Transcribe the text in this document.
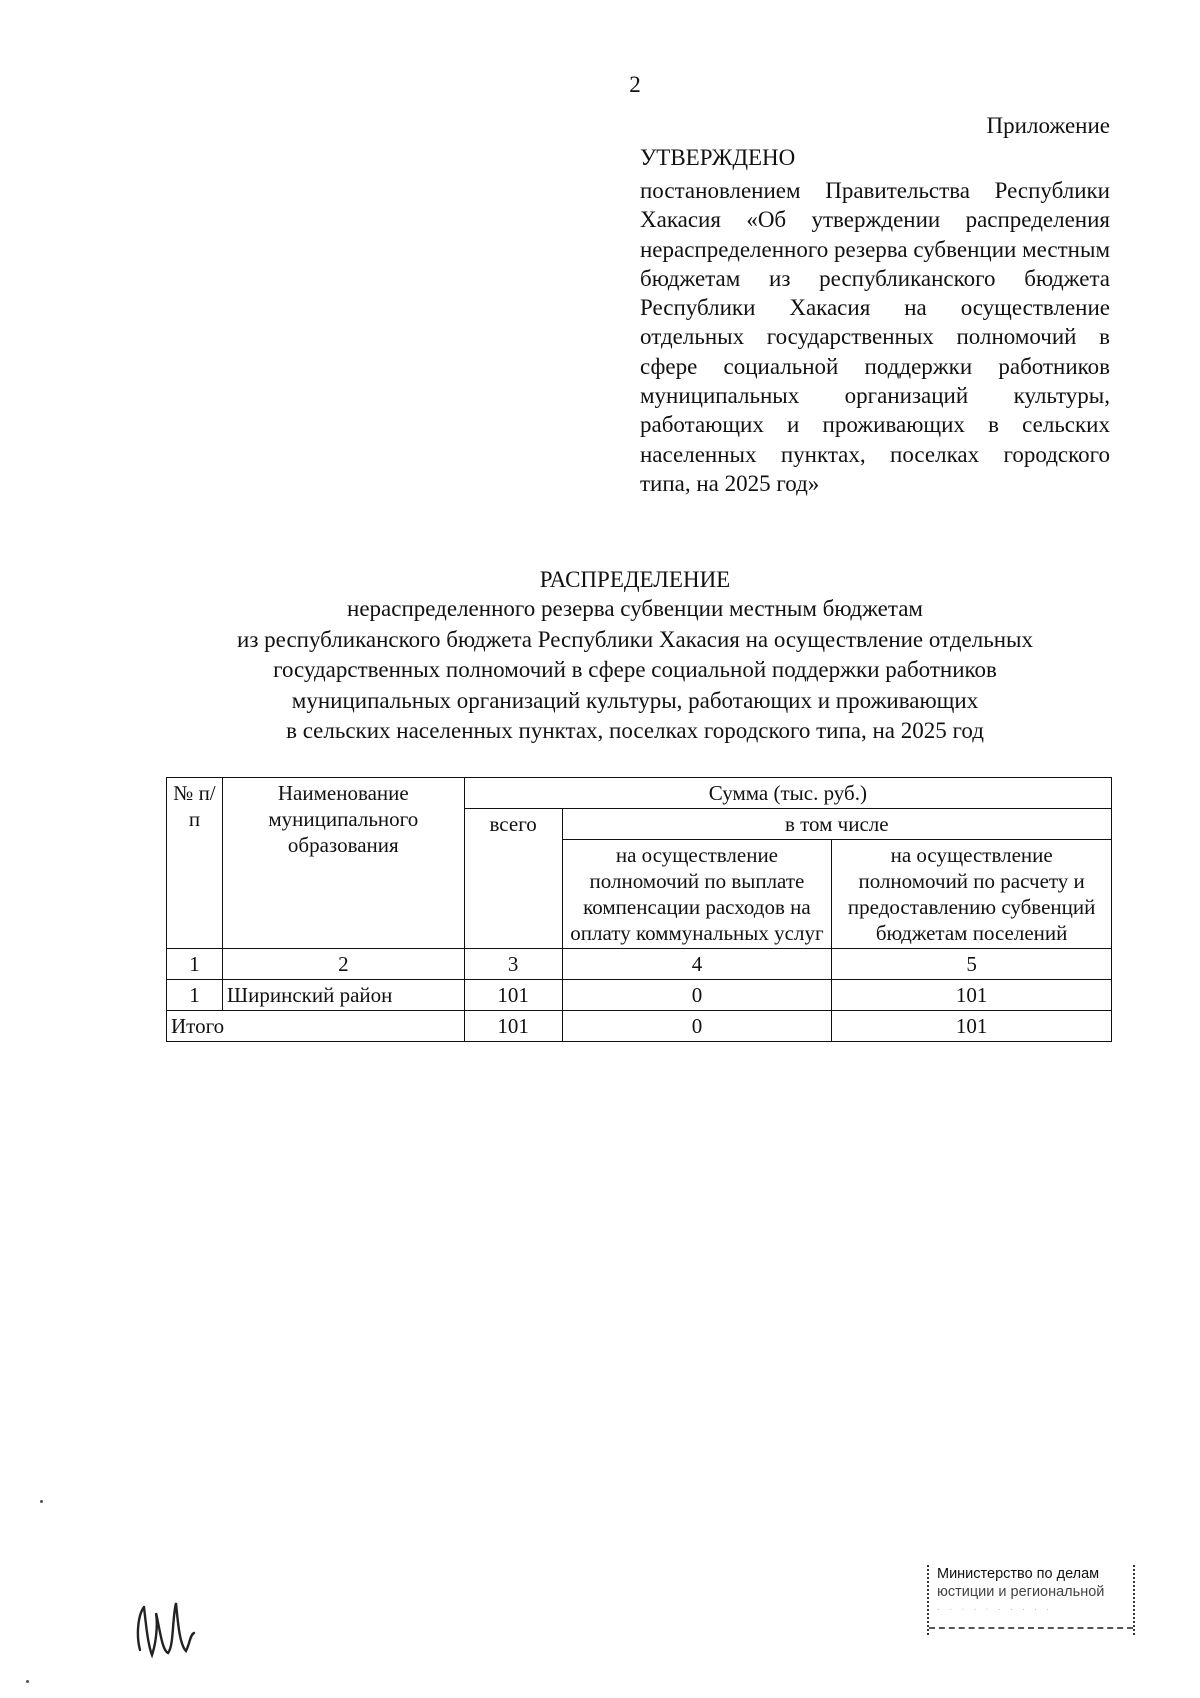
2
Приложение
УТВЕРЖДЕНО
постановлением Правительства Республики Хакасия «Об утверждении распределения нераспределенного резерва субвенции местным бюджетам из республиканского бюджета Республики Хакасия на осуществление отдельных государственных полномочий в сфере социальной поддержки работников муниципальных организаций культуры, работающих и проживающих в сельских населенных пунктах, поселках городского типа, на 2025 год»
РАСПРЕДЕЛЕНИЕ
нераспределенного резерва субвенции местным бюджетам
из республиканского бюджета Республики Хакасия на осуществление отдельных
государственных полномочий в сфере социальной поддержки работников
муниципальных организаций культуры, работающих и проживающих
в сельских населенных пунктах, поселках городского типа, на 2025 год
№ п/п	Наименование муниципального образования	Сумма (тыс. руб.)		
		всего	в том числе	
			на осуществление полномочий по выплате компенсации расходов на оплату коммунальных услуг	на осуществление полномочий по расчету и предоставлению субвенций бюджетам поселений
1	2	3	4	5
1	Ширинский район	101	0	101
Итого		101	0	101
Министерство по делам
юстиции и региональной
· · · · · · · · · ·
